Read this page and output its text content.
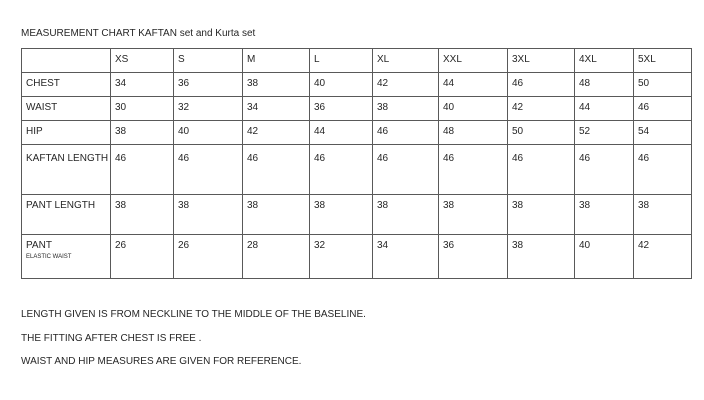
MEASUREMENT CHART KAFTAN set and Kurta set

	XS	S	M	L	XL	XXL	3XL	4XL	5XL

CHEST	34	36	38	40	42	44	46	48	50

WAIST	30	32	34	36	38	40	42	44	46

HIP	38	40	42	44	46	48	50	52	54

KAFTAN LENGTH	46	46	46	46	46	46	46	46	46

PANT LENGTH	38	38	38	38	38	38	38	38	38

PANT
ELASTIC WAIST	26	26	28	32	34	36	38	40	42
LENGTH GIVEN IS FROM NECKLINE TO THE MIDDLE OF THE BASELINE.
THE FITTING AFTER CHEST IS FREE .
WAIST AND HIP MEASURES ARE GIVEN FOR REFERENCE.
